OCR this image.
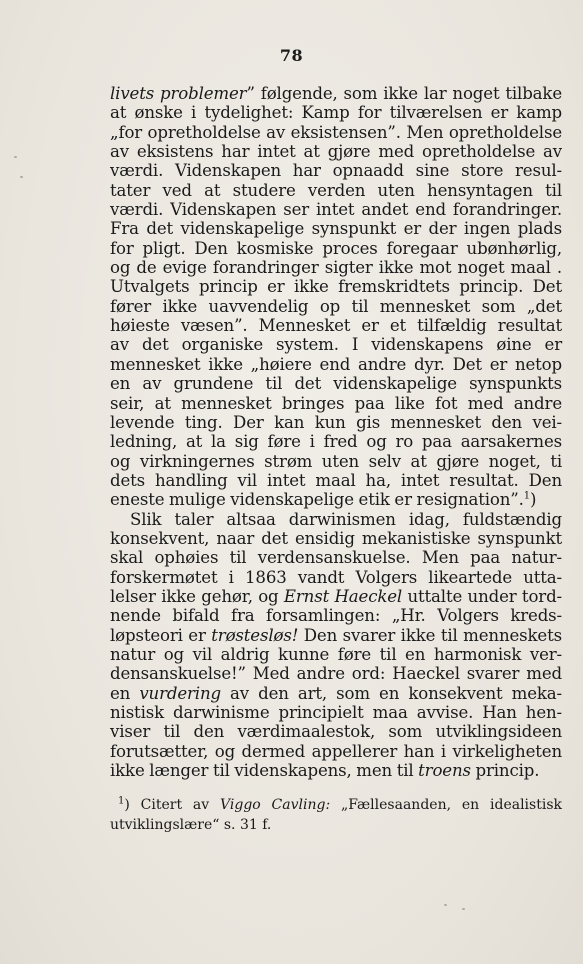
78
livets problemer” følgende, som ikke lar noget tilbake
at ønske i tydelighet: Kamp for tilværelsen er kamp
„for opretholdelse av eksistensen”. Men opretholdelse
av eksistens har intet at gjøre med opretholdelse av
værdi. Videnskapen har opnaadd sine store resul-
tater ved at studere verden uten hensyntagen til
værdi. Videnskapen ser intet andet end forandringer.
Fra det videnskapelige synspunkt er der ingen plads
for pligt. Den kosmiske proces foregaar ubønhørlig,
og de evige forandringer sigter ikke mot noget maal .
Utvalgets princip er ikke fremskridtets princip. Det
fører ikke uavvendelig op til mennesket som „det
høieste væsen”. Mennesket er et tilfældig resultat
av det organiske system. I videnskapens øine er
mennesket ikke „høiere end andre dyr. Det er netop
en av grundene til det videnskapelige synspunkts
seir, at mennesket bringes paa like fot med andre
levende ting. Der kan kun gis mennesket den vei-
ledning, at la sig føre i fred og ro paa aarsakernes
og virkningernes strøm uten selv at gjøre noget, ti
dets handling vil intet maal ha, intet resultat. Den
eneste mulige videnskapelige etik er resignation”.$^1$)
Slik taler altsaa darwinismen idag, fuldstændig
konsekvent, naar det ensidig mekanistiske synspunkt
skal ophøies til verdensanskuelse. Men paa natur-
forskermøtet i 1863 vandt Volgers likeartede utta-
lelser ikke gehør, og Ernst Haeckel uttalte under tord-
nende bifald fra forsamlingen: „Hr. Volgers kreds-
løpsteori er trøstesløs! Den svarer ikke til menneskets
natur og vil aldrig kunne føre til en harmonisk ver-
densanskuelse!” Med andre ord: Haeckel svarer med
en vurdering av den art, som en konsekvent meka-
nistisk darwinisme principielt maa avvise. Han hen-
viser til den værdimaalestok, som utviklingsideen
forutsætter, og dermed appellerer han i virkeligheten
ikke længer til videnskapens, men til troens princip.
$^1$) Citert av Viggo Cavling: „Fællesaanden, en idealistisk
utviklingslære“ s. 31 f.
